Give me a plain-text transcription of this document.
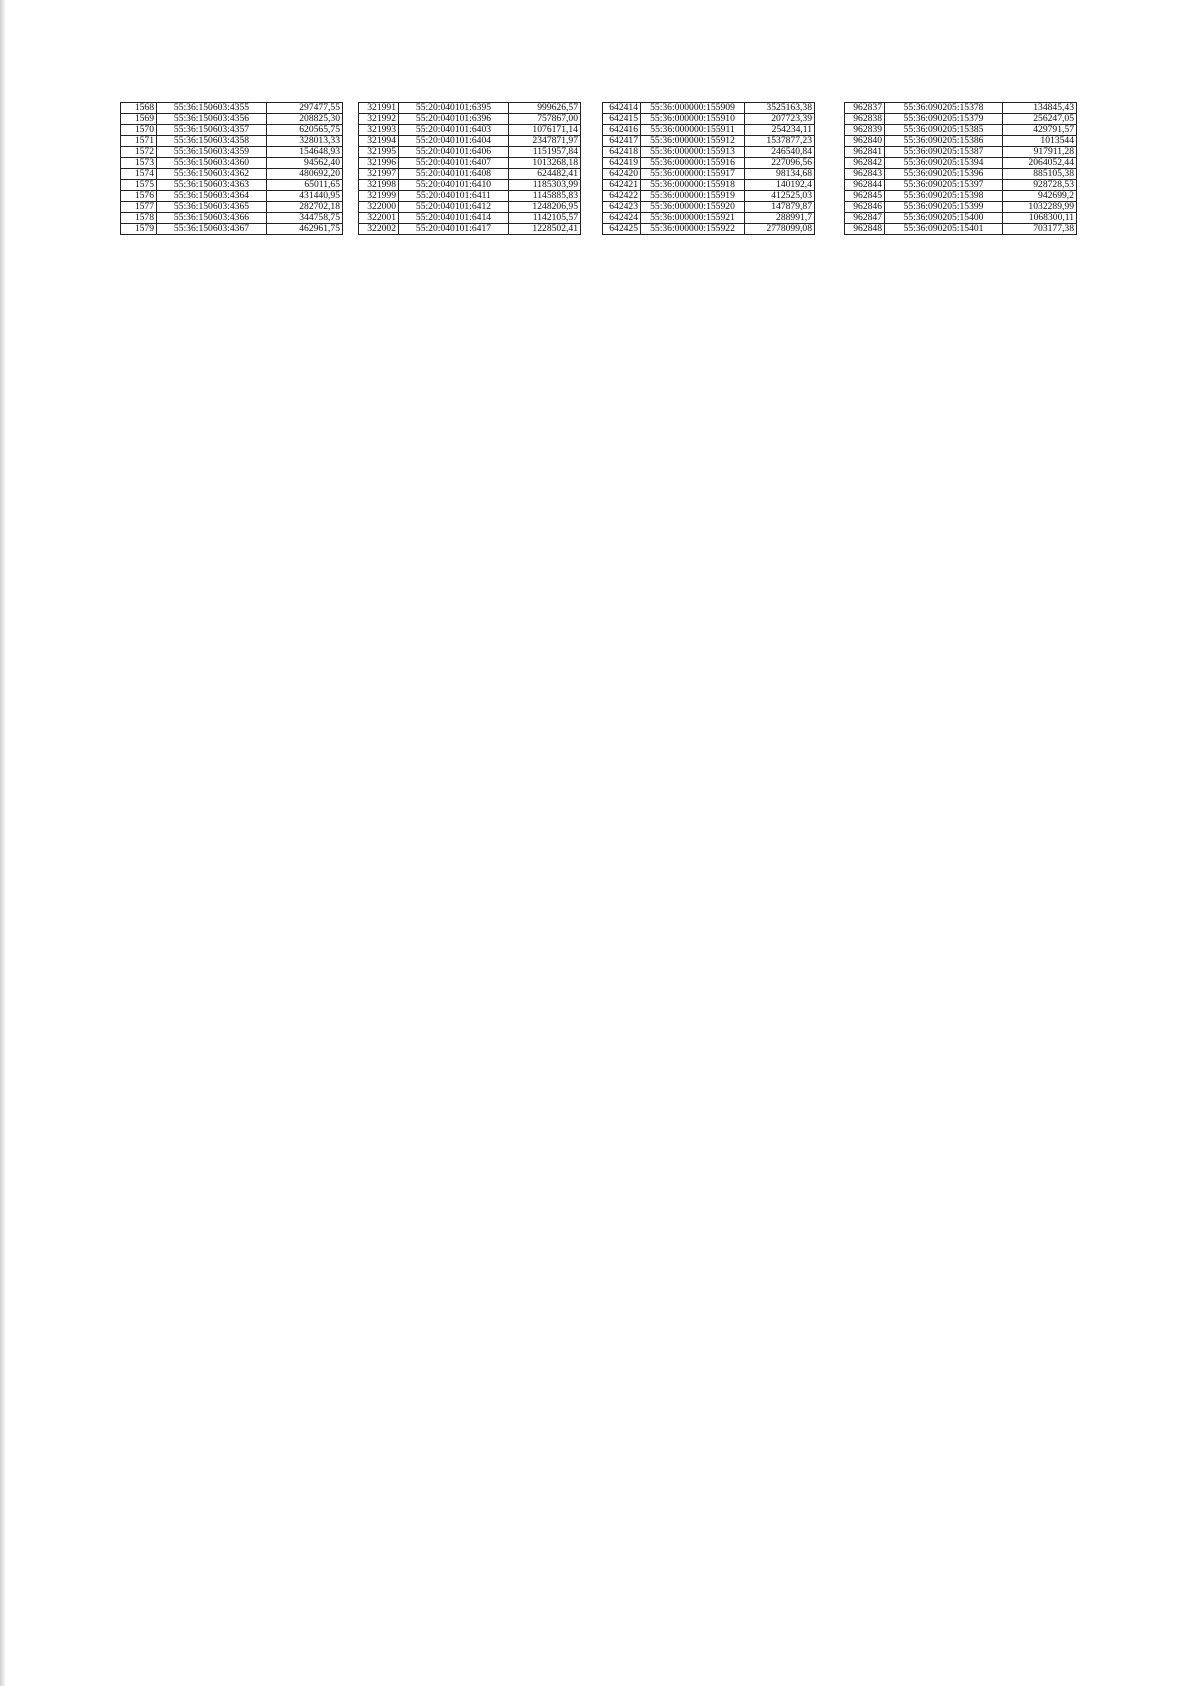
1568	55:36:150603:4355	297477,55
1569	55:36:150603:4356	208825,30
1570	55:36:150603:4357	620565,75
1571	55:36:150603:4358	328013,33
1572	55:36:150603:4359	154648,93
1573	55:36:150603:4360	94562,40
1574	55:36:150603:4362	480692,20
1575	55:36:150603:4363	65011,65
1576	55:36:150603:4364	431440,95
1577	55:36:150603:4365	282702,18
1578	55:36:150603:4366	344758,75
1579	55:36:150603:4367	462961,75
321991	55:20:040101:6395	999626,57
321992	55:20:040101:6396	757867,00
321993	55:20:040101:6403	1076171,14
321994	55:20:040101:6404	2347871,97
321995	55:20:040101:6406	1151957,84
321996	55:20:040101:6407	1013268,18
321997	55:20:040101:6408	624482,41
321998	55:20:040101:6410	1185303,99
321999	55:20:040101:6411	1145885,83
322000	55:20:040101:6412	1248206,95
322001	55:20:040101:6414	1142105,57
322002	55:20:040101:6417	1228502,41
642414	55:36:000000:155909	3525163,38
642415	55:36:000000:155910	207723,39
642416	55:36:000000:155911	254234,11
642417	55:36:000000:155912	1537877,23
642418	55:36:000000:155913	246540,84
642419	55:36:000000:155916	227096,56
642420	55:36:000000:155917	98134,68
642421	55:36:000000:155918	140192,4
642422	55:36:000000:155919	412525,03
642423	55:36:000000:155920	147879,87
642424	55:36:000000:155921	288991,7
642425	55:36:000000:155922	2778099,08
962837	55:36:090205:15378	134845,43
962838	55:36:090205:15379	256247,05
962839	55:36:090205:15385	429791,57
962840	55:36:090205:15386	1013544
962841	55:36:090205:15387	917911,28
962842	55:36:090205:15394	2064052,44
962843	55:36:090205:15396	885105,38
962844	55:36:090205:15397	928728,53
962845	55:36:090205:15398	942699,2
962846	55:36:090205:15399	1032289,99
962847	55:36:090205:15400	1068300,11
962848	55:36:090205:15401	703177,38
